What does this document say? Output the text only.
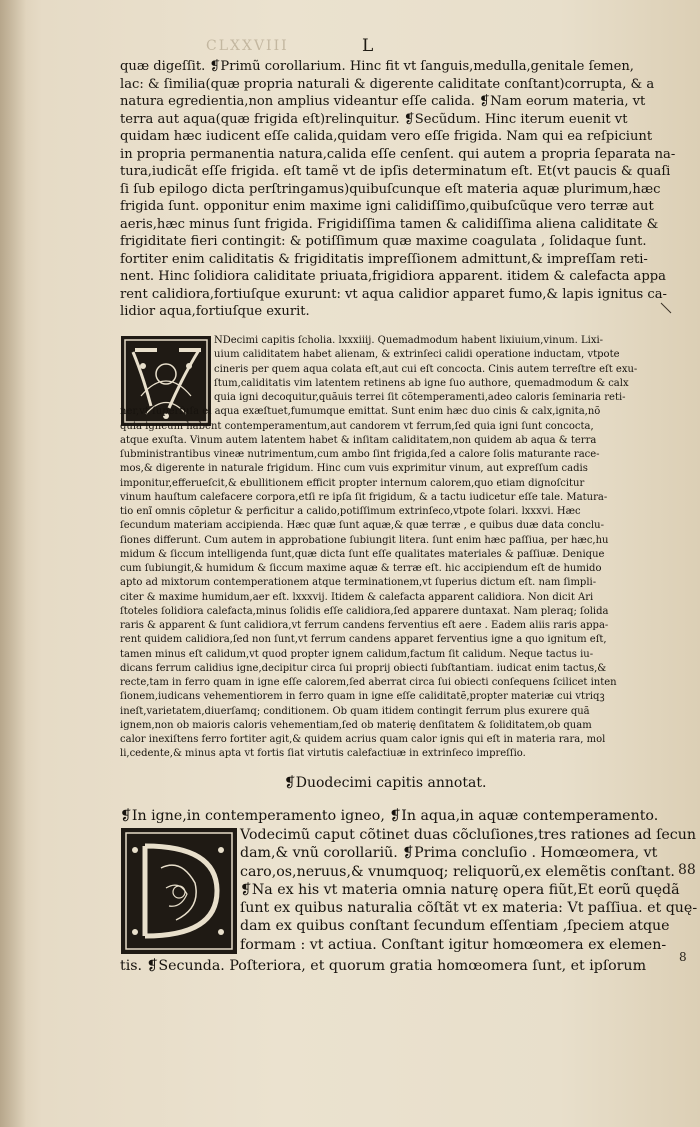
CLXXVIII	L
quæ digeſſit. ❡Primũ corollarium. Hinc fit vt ſanguis,medulla,genitale ſemen,
lac: & ſimilia(quæ propria naturali & digerente caliditate conſtant)corrupta, & a
natura egredientia,non amplius videantur eſſe calida. ❡Nam eorum materia, vt
terra aut aqua(quæ frigida eſt)relinquitur. ❡Secũdum. Hinc iterum euenit vt
quidam hæc iudicent eſſe calida,quidam vero eſſe frigida. Nam qui ea reſpiciunt
in propria permanentia natura,calida eſſe cenſent. qui autem a propria ſeparata na-
tura,iudicãt eſſe frigida. eſt tamẽ vt de ipſis determinatum eſt. Et(vt paucis & quaſi
ſi ſub epilogo dicta perſtringamus)quibuſcunque eſt materia aquæ plurimum,hæc
frigida ſunt. opponitur enim maxime igni calidiſſimo,quibuſcũque vero terræ aut
aeris,hæc minus ſunt frigida. Frigidiſſima tamen & calidiſſima aliena caliditate &
frigiditate fieri contingit: & potiſſimum quæ maxime coagulata , ſolidaque ſunt.
fortiter enim caliditatis & frigiditatis impreſſionem admittunt,& impreſſam reti-
nent. Hinc ſolidiora caliditate priuata,frigidiora apparent. itidem & calefacta appa
rent calidiora,fortiuſque exurunt: vt aqua calidior apparet fumo,& lapis ignitus ca-
lidior aqua,fortiuſque exurit.
NDecimi capitis ſcholia. lxxxiiij. Quemadmodum habent lixiuium,vinum. Lixi-
uium caliditatem habet alienam, & extrinſeci calidi operatione inductam, vtpote
cineris per quem aqua colata eſt,aut cui eſt concocta. Cinis autem terreſtre eſt exu-
ſtum,caliditatis vim latentem retinens ab igne ſuo authore, quemadmodum & calx
quia igni decoquitur,quãuis terrei ſit cõtemperamenti,adeo caloris ſeminaria reti-
ner,vt ſuperfuſa ei aqua exæſtuet,fumumque emittat. Sunt enim hæc duo cinis & calx,ignita,nõ
quia igneum habent contemperamentum,aut candorem vt ferrum,ſed quia igni ſunt concocta,
atque exuſta. Vinum autem latentem habet & inſitam caliditatem,non quidem ab aqua & terra
ſubministrantibus vineæ nutrimentum,cum ambo ſint frigida,ſed a calore ſolis maturante race-
mos,& digerente in naturale frigidum. Hinc cum vuis exprimitur vinum, aut expreſſum cadis
imponitur,efferueſcit,& ebullitionem efficit propter internum calorem,quo etiam dignoſcitur
vinum hauſtum calefacere corpora,etſi re ipſa ſit frigidum, & a tactu iudicetur eſſe tale. Matura-
tio enĩ omnis cõpletur & perficitur a calido,potiſſimum extrinſeco,vtpote ſolari. lxxxvi. Hæc
ſecundum materiam accipienda. Hæc quæ ſunt aquæ,& quæ terræ , e quibus duæ data conclu-
ſiones differunt. Cum autem in approbatione ſubiungit litera. ſunt enim hæc paſſiua, per hæc,hu
midum & ſiccum intelligenda ſunt,quæ dicta ſunt eſſe qualitates materiales & paſſiuæ. Denique
cum ſubiungit,& humidum & ſiccum maxime aquæ & terræ eſt. hic accipiendum eſt de humido
apto ad mixtorum contemperationem atque terminationem,vt ſuperius dictum eſt. nam ſimpli-
citer & maxime humidum,aer eſt. lxxxvij. Itidem & calefacta apparent calidiora. Non dicit Ari
ſtoteles ſolidiora calefacta,minus ſolidis eſſe calidiora,ſed apparere duntaxat. Nam pleraq; ſolida
raris & apparent & ſunt calidiora,vt ferrum candens ferventius eſt aere . Eadem aliis raris appa-
rent quidem calidiora,ſed non ſunt,vt ferrum candens apparet ferventius igne a quo ignitum eſt,
tamen minus eſt calidum,vt quod propter ignem calidum,factum ſit calidum. Neque tactus iu-
dicans ferrum calidius igne,decipitur circa ſui proprij obiecti ſubſtantiam. iudicat enim tactus,&
recte,tam in ferro quam in igne eſſe calorem,ſed aberrat circa ſui obiecti conſequens ſcilicet inten
ſionem,iudicans vehementiorem in ferro quam in igne eſſe caliditatẽ,propter materiæ cui vtriqꝫ
ineſt,varietatem,diuerſamq; conditionem. Ob quam itidem contingit ferrum plus exurere quã
ignem,non ob maioris caloris vehementiam,ſed ob materię denſitatem & ſoliditatem,ob quam
calor inexiſtens ferro fortiter agit,& quidem acrius quam calor ignis qui eſt in materia rara, mol
li,cedente,& minus apta vt fortis ſiat virtutis calefactiuæ in extrinſeco impreſſio.
❡Duodecimi capitis annotat.
❡In igne,in contemperamento igneo, ❡In aqua,in aquæ contemperamento.
Vodecimũ caput cõtinet duas cõcluſiones,tres rationes ad ſecun
dam,& vnũ corollariũ. ❡Prima concluſio . Homœomera, vt
caro,os,neruus,& vnumquoq; reliquorũ,ex elemẽtis conſtant.
❡Na ex his vt materia omnia naturę opera fiũt,Et eorũ quędã
ſunt ex quibus naturalia cõſtãt vt ex materia: Vt paſſiua. et quę-
dam ex quibus conſtant ſecundum eſſentiam ,ſpeciem atque
formam : vt actiua. Conſtant igitur homœomera ex elemen-
tis. ❡Secunda. Poſteriora, et quorum gratia homœomera ſunt, et ipſorum
88
8
